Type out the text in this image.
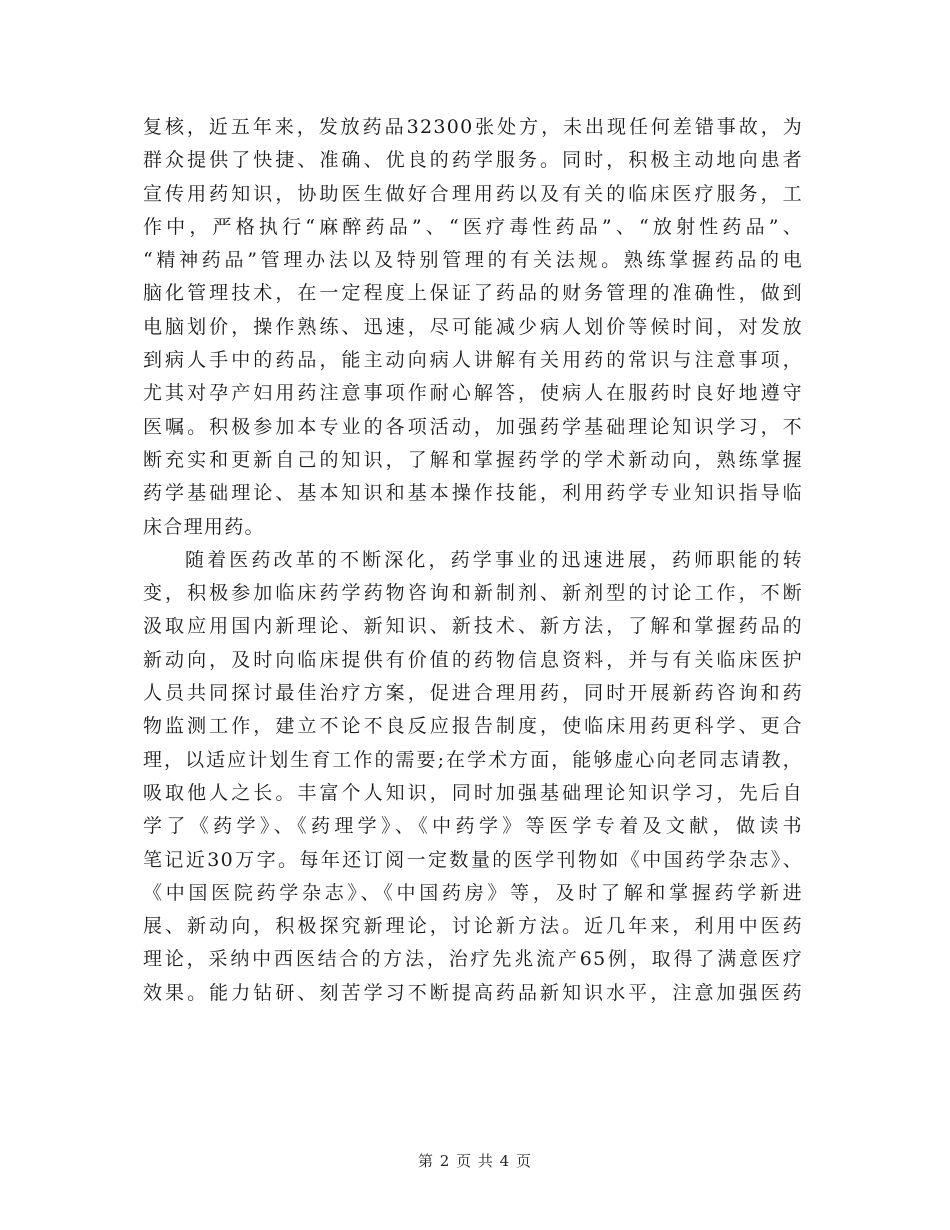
复核，近五年来，发放药品32300张处方，未出现任何差错事故，为
群众提供了快捷、准确、优良的药学服务。同时，积极主动地向患者
宣传用药知识，协助医生做好合理用药以及有关的临床医疗服务，工
作中，严格执行“麻醉药品”、“医疗毒性药品”、“放射性药品”、
“精神药品”管理办法以及特别管理的有关法规。熟练掌握药品的电
脑化管理技术，在一定程度上保证了药品的财务管理的准确性，做到
电脑划价，操作熟练、迅速，尽可能减少病人划价等候时间，对发放
到病人手中的药品，能主动向病人讲解有关用药的常识与注意事项，
尤其对孕产妇用药注意事项作耐心解答，使病人在服药时良好地遵守
医嘱。积极参加本专业的各项活动，加强药学基础理论知识学习，不
断充实和更新自己的知识，了解和掌握药学的学术新动向，熟练掌握
药学基础理论、基本知识和基本操作技能，利用药学专业知识指导临
床合理用药。
随着医药改革的不断深化，药学事业的迅速进展，药师职能的转
变，积极参加临床药学药物咨询和新制剂、新剂型的讨论工作，不断
汲取应用国内新理论、新知识、新技术、新方法，了解和掌握药品的
新动向，及时向临床提供有价值的药物信息资料，并与有关临床医护
人员共同探讨最佳治疗方案，促进合理用药，同时开展新药咨询和药
物监测工作，建立不论不良反应报告制度，使临床用药更科学、更合
理，以适应计划生育工作的需要;在学术方面，能够虚心向老同志请教，
吸取他人之长。丰富个人知识，同时加强基础理论知识学习，先后自
学了《药学》、《药理学》、《中药学》等医学专着及文献，做读书
笔记近30万字。每年还订阅一定数量的医学刊物如《中国药学杂志》、
《中国医院药学杂志》、《中国药房》等，及时了解和掌握药学新进
展、新动向，积极探究新理论，讨论新方法。近几年来，利用中医药
理论，采纳中西医结合的方法，治疗先兆流产65例，取得了满意医疗
效果。能力钻研、刻苦学习不断提高药品新知识水平，注意加强医药
第 2 页 共 4 页
